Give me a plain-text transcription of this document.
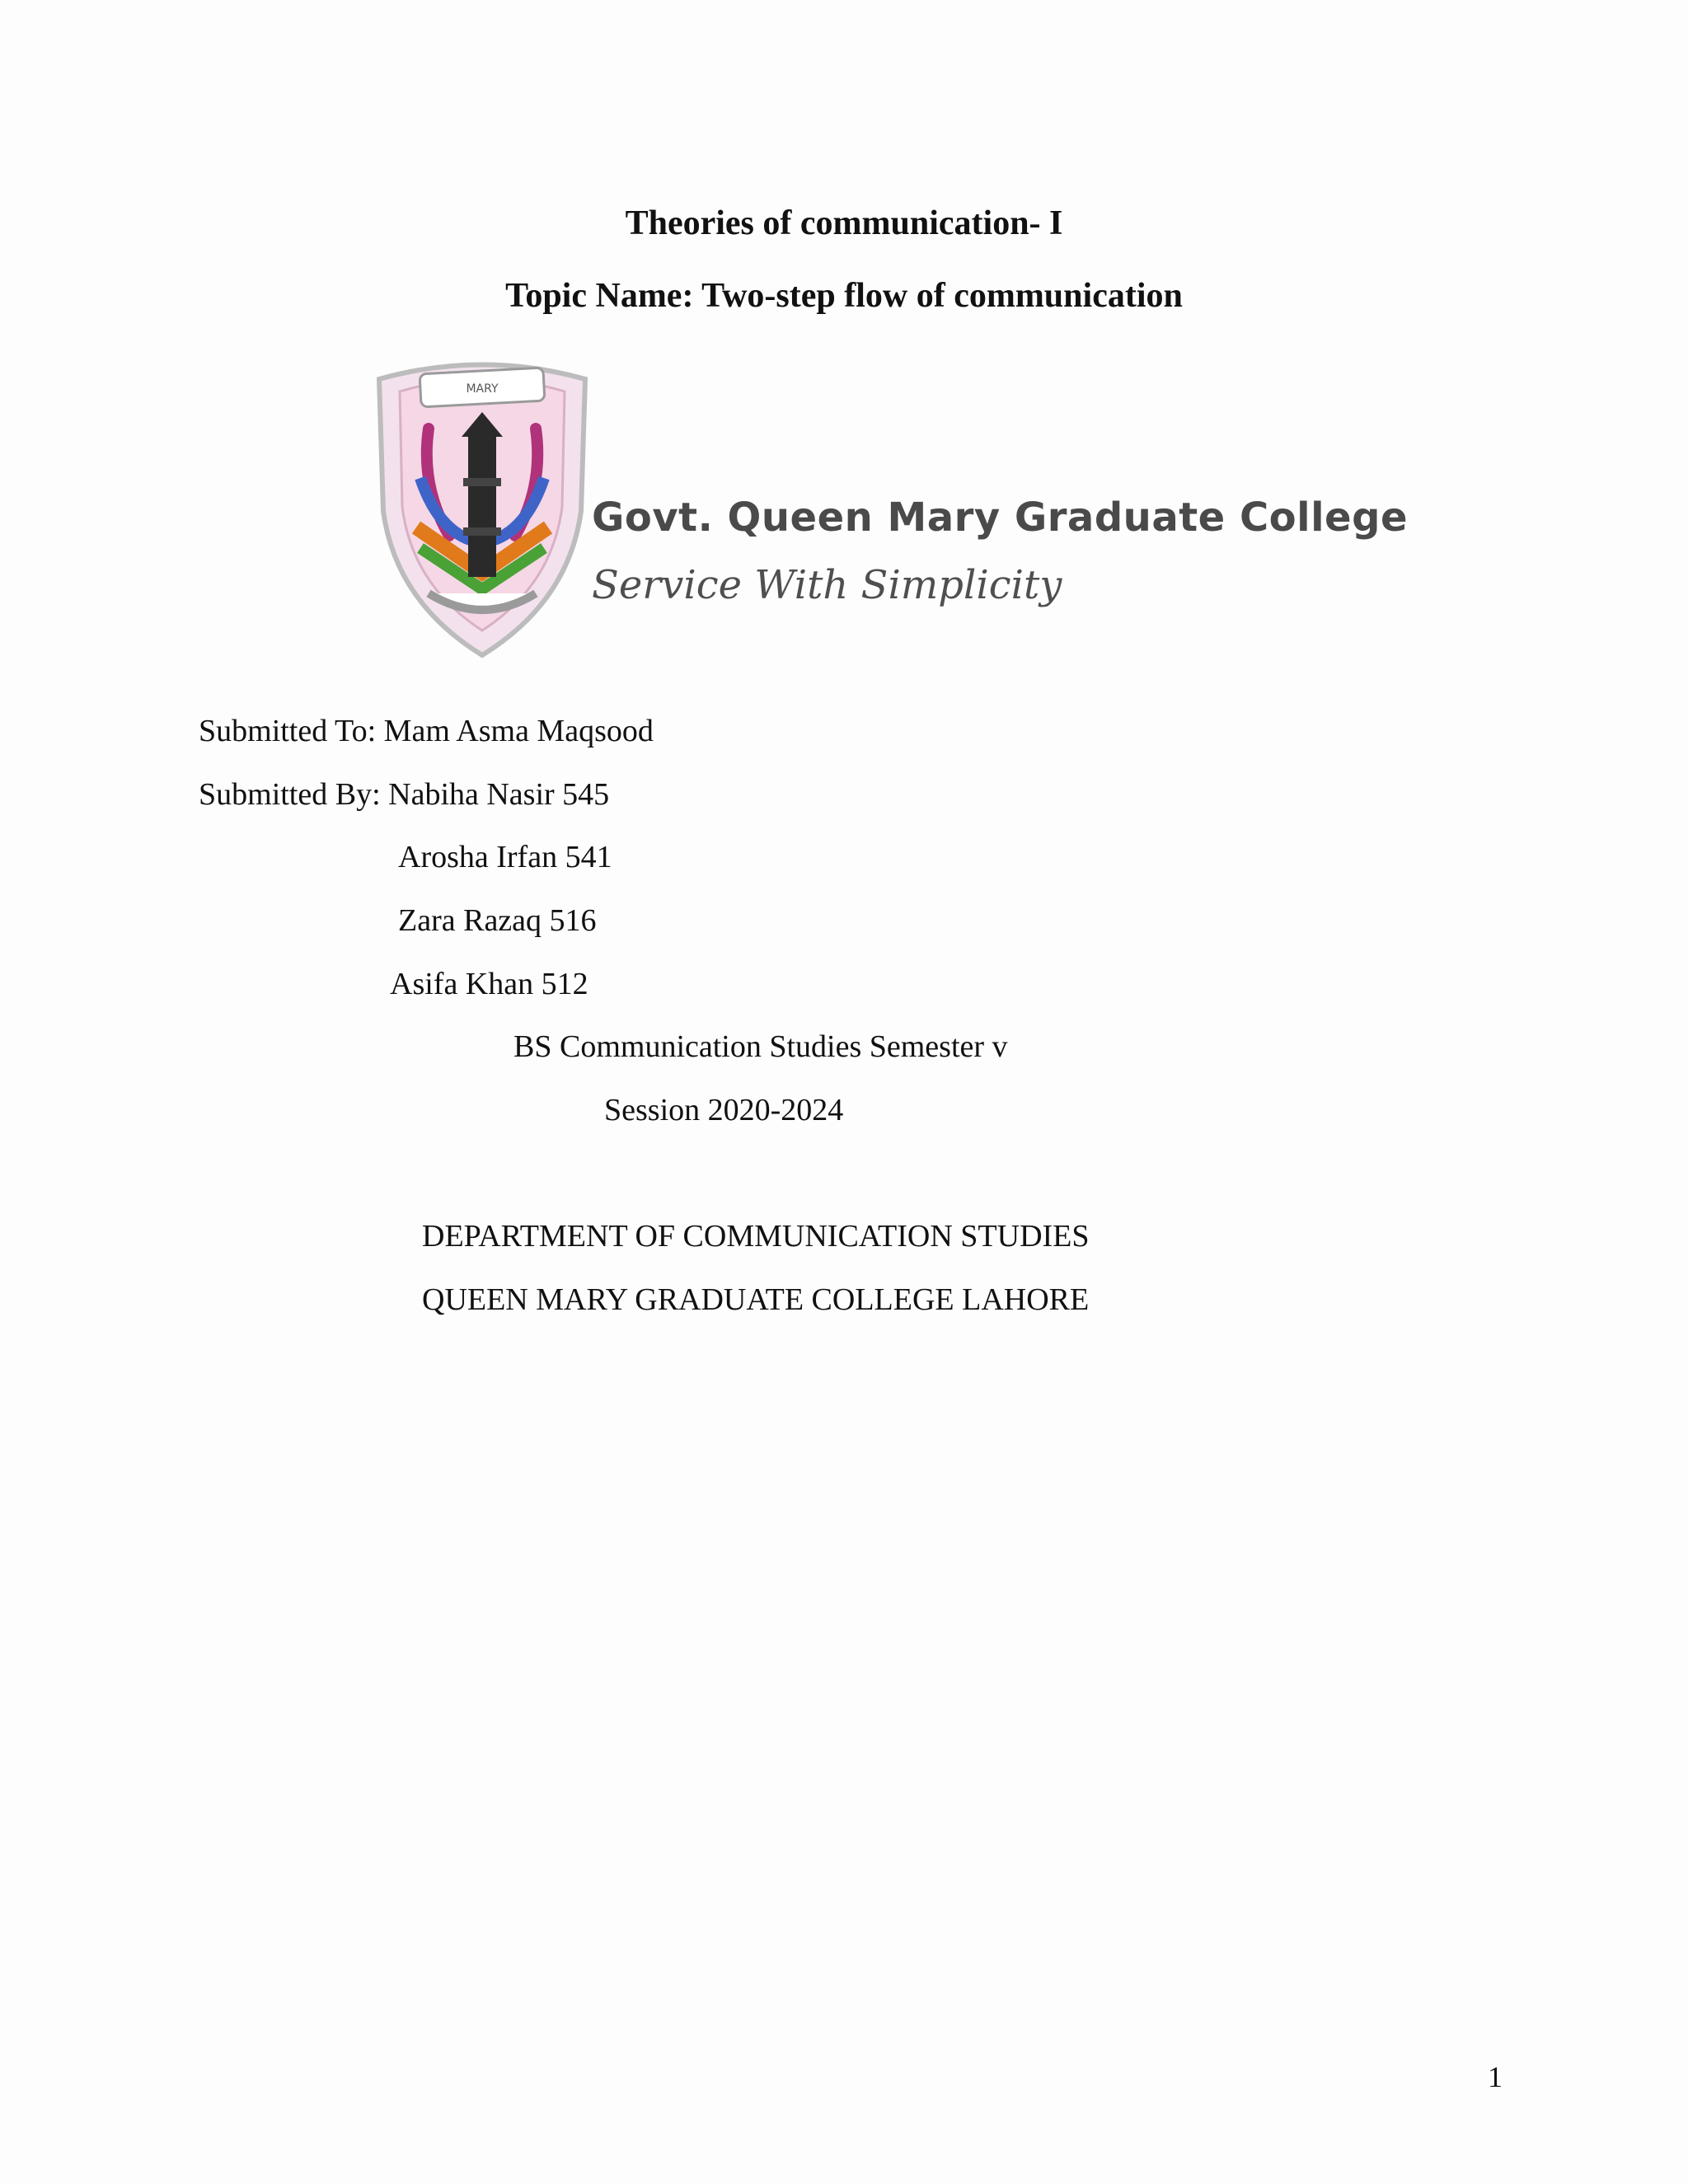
Theories of communication- I
Topic Name: Two-step flow of communication
MARY
Govt. Queen Mary Graduate College
Service With Simplicity
Submitted To: Mam Asma Maqsood
Submitted By: Nabiha Nasir 545
Arosha Irfan 541
Zara Razaq 516
Asifa Khan 512
BS Communication Studies Semester v
Session 2020-2024
DEPARTMENT OF COMMUNICATION STUDIES
QUEEN MARY GRADUATE COLLEGE LAHORE
1
